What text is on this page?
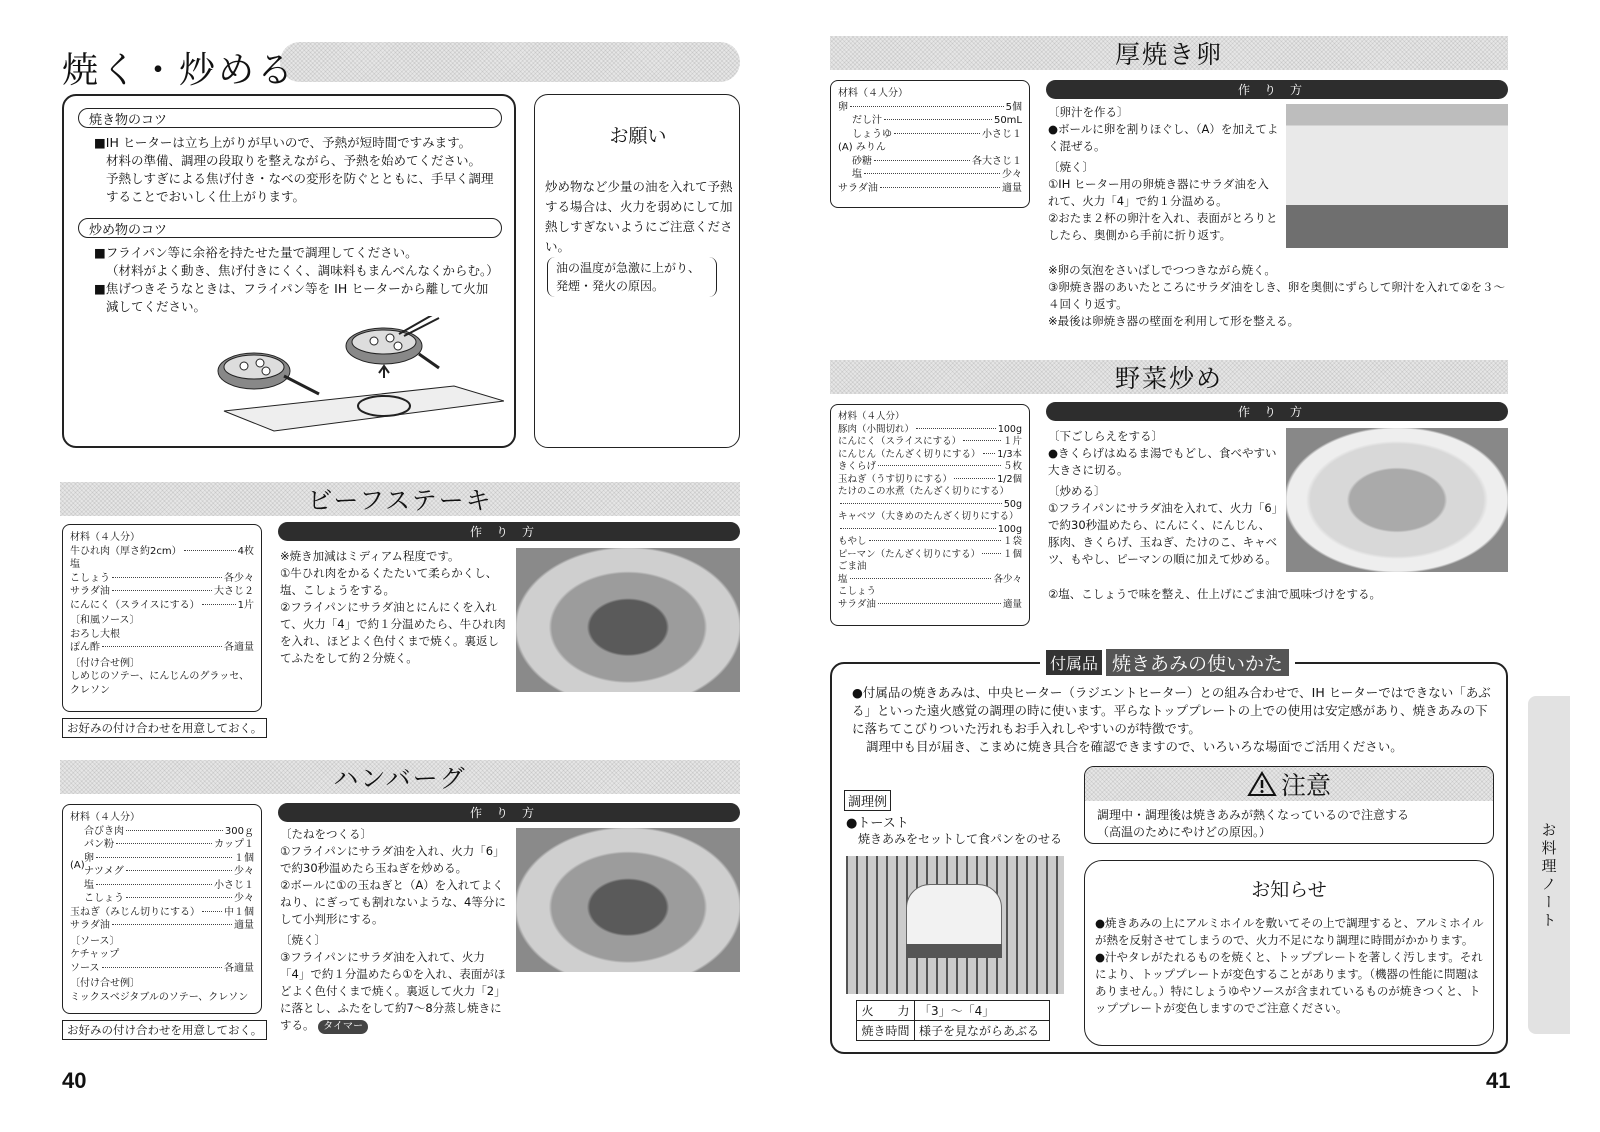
焼く・炒める
焼き物のコツ
■IH ヒーターは立ち上がりが早いので、予熱が短時間ですみます。
材料の準備、調理の段取りを整えながら、予熱を始めてください。
予熱しすぎによる焦げ付き・なべの変形を防ぐとともに、手早く調理
することでおいしく仕上がります。
炒め物のコツ
■フライパン等に余裕を持たせた量で調理してください。
（材料がよく動き、焦げ付きにくく、調味料もまんべんなくからむ。）
■焦げつきそうなときは、フライパン等を IH ヒーターから離して火加
減してください。
お願い
炒め物など少量の油を入れて予熱する場合は、火力を弱めにして加熱しすぎないようにご注意ください。
油の温度が急激に上がり、発煙・発火の原因。
ビーフステーキ
材料（４人分）
牛ひれ肉（厚さ約2cm）	4枚
塩
こしょう	各少々
サラダ油	大さじ２
にんにく（スライスにする）	1片
〔和風ソース〕
おろし大根
ぽん酢	各適量
〔付け合せ例〕
しめじのソテー、にんじんのグラッセ、クレソン
お好みの付け合わせを用意しておく。
作り方

※焼き加減はミディアム程度です。

①牛ひれ肉をかるくたたいて柔らかくし、塩、こしょうをする。

②フライパンにサラダ油とにんにくを入れて、火力「4」で約１分温めたら、牛ひれ肉を入れ、ほどよく色付くまで焼く。裏返してふたをして約２分焼く。

ハンバーグ
材料（４人分）
(A)
合びき肉	300ｇ
パン粉	カップ１
卵	１個
ナツメグ	少々
塩	小さじ１
こしょう	少々
玉ねぎ（みじん切りにする） 中１個
サラダ油	適量
〔ソース〕
ケチャップ
ソース	各適量
〔付け合せ例〕
ミックスベジタブルのソテー、クレソン
お好みの付け合わせを用意しておく。
作り方

〔たねをつくる〕

①フライパンにサラダ油を入れ、火力「6」で約30秒温めたら玉ねぎを炒める。

②ボールに①の玉ねぎと（A）を入れてよくねり、にぎっても割れないような、4等分にして小判形にする。

〔焼く〕

③フライパンにサラダ油を入れて、火力「4」で約１分温めたら①を入れ、表面がほどよく色付くまで焼く。裏返して火力「2」に落とし、ふたをして約7～8分蒸し焼きにする。 タイマー

40
厚焼き卵
材料（４人分）
卵	5個
だし汁	50mL
しょうゆ	小さじ１
(A) みりん
砂糖	各大さじ１
塩	少々
サラダ油	適量
作り方

〔卵汁を作る〕

●ボールに卵を割りほぐし、（A）を加えてよく混ぜる。

〔焼く〕

①IH ヒーター用の卵焼き器にサラダ油を入れて、火力「4」で約１分温める。

②おたま２杯の卵汁を入れ、表面がとろりとしたら、奥側から手前に折り返す。

※卵の気泡をさいばしでつつきながら焼く。

③卵焼き器のあいたところにサラダ油をしき、卵を奥側にずらして卵汁を入れて②を３～４回くり返す。

※最後は卵焼き器の壁面を利用して形を整える。

野菜炒め
材料（４人分）
豚肉（小間切れ）	100g
にんにく（スライスにする）	１片
にんじん（たんざく切りにする） 1/3本
きくらげ	５枚
玉ねぎ（うす切りにする）	1/2個
たけのこの水煮（たんざく切りにする）
50g
キャベツ（大きめのたんざく切りにする）
100g
もやし	１袋
ピーマン（たんざく切りにする） １個
ごま油
塩	各少々
こしょう
サラダ油	適量
作り方

〔下ごしらえをする〕

●きくらげはぬるま湯でもどし、食べやすい大きさに切る。

〔炒める〕

①フライパンにサラダ油を入れて、火力「6」で約30秒温めたら、にんにく、にんじん、豚肉、きくらげ、玉ねぎ、たけのこ、キャベツ、もやし、ピーマンの順に加えて炒める。

②塩、こしょうで味を整え、仕上げにごま油で風味づけをする。

付属品 焼きあみの使いかた

●付属品の焼きあみは、中央ヒーター（ラジエントヒーター）との組み合わせで、IH ヒーターではできない「あぶる」といった遠火感覚の調理の時に使います。平らなトッププレートの上での使用は安定感があり、焼きあみの下に落ちてこびりついた汚れもお手入れしやすいのが特徴です。

調理中も目が届き、こまめに焼き具合を確認できますので、いろいろな場面でご活用ください。

調理例
●トースト
焼きあみをセットして食パンをのせる
火　　力 「3」～「4」
焼き時間 様子を見ながらあぶる
注意
調理中・調理後は焼きあみが熱くなっているので注意する
（高温のためにやけどの原因。）
お知らせ

●焼きあみの上にアルミホイルを敷いてその上で調理すると、アルミホイルが熱を反射させてしまうので、火力不足になり調理に時間がかかります。

●汁やタレがたれるものを焼くと、トッププレートを著しく汚します。それにより、トッププレートが変色することがあります。（機器の性能に問題はありません。）特にしょうゆやソースが含まれているものが焼きつくと、トッププレートが変色しますのでご注意ください。

お料理ノート
41
